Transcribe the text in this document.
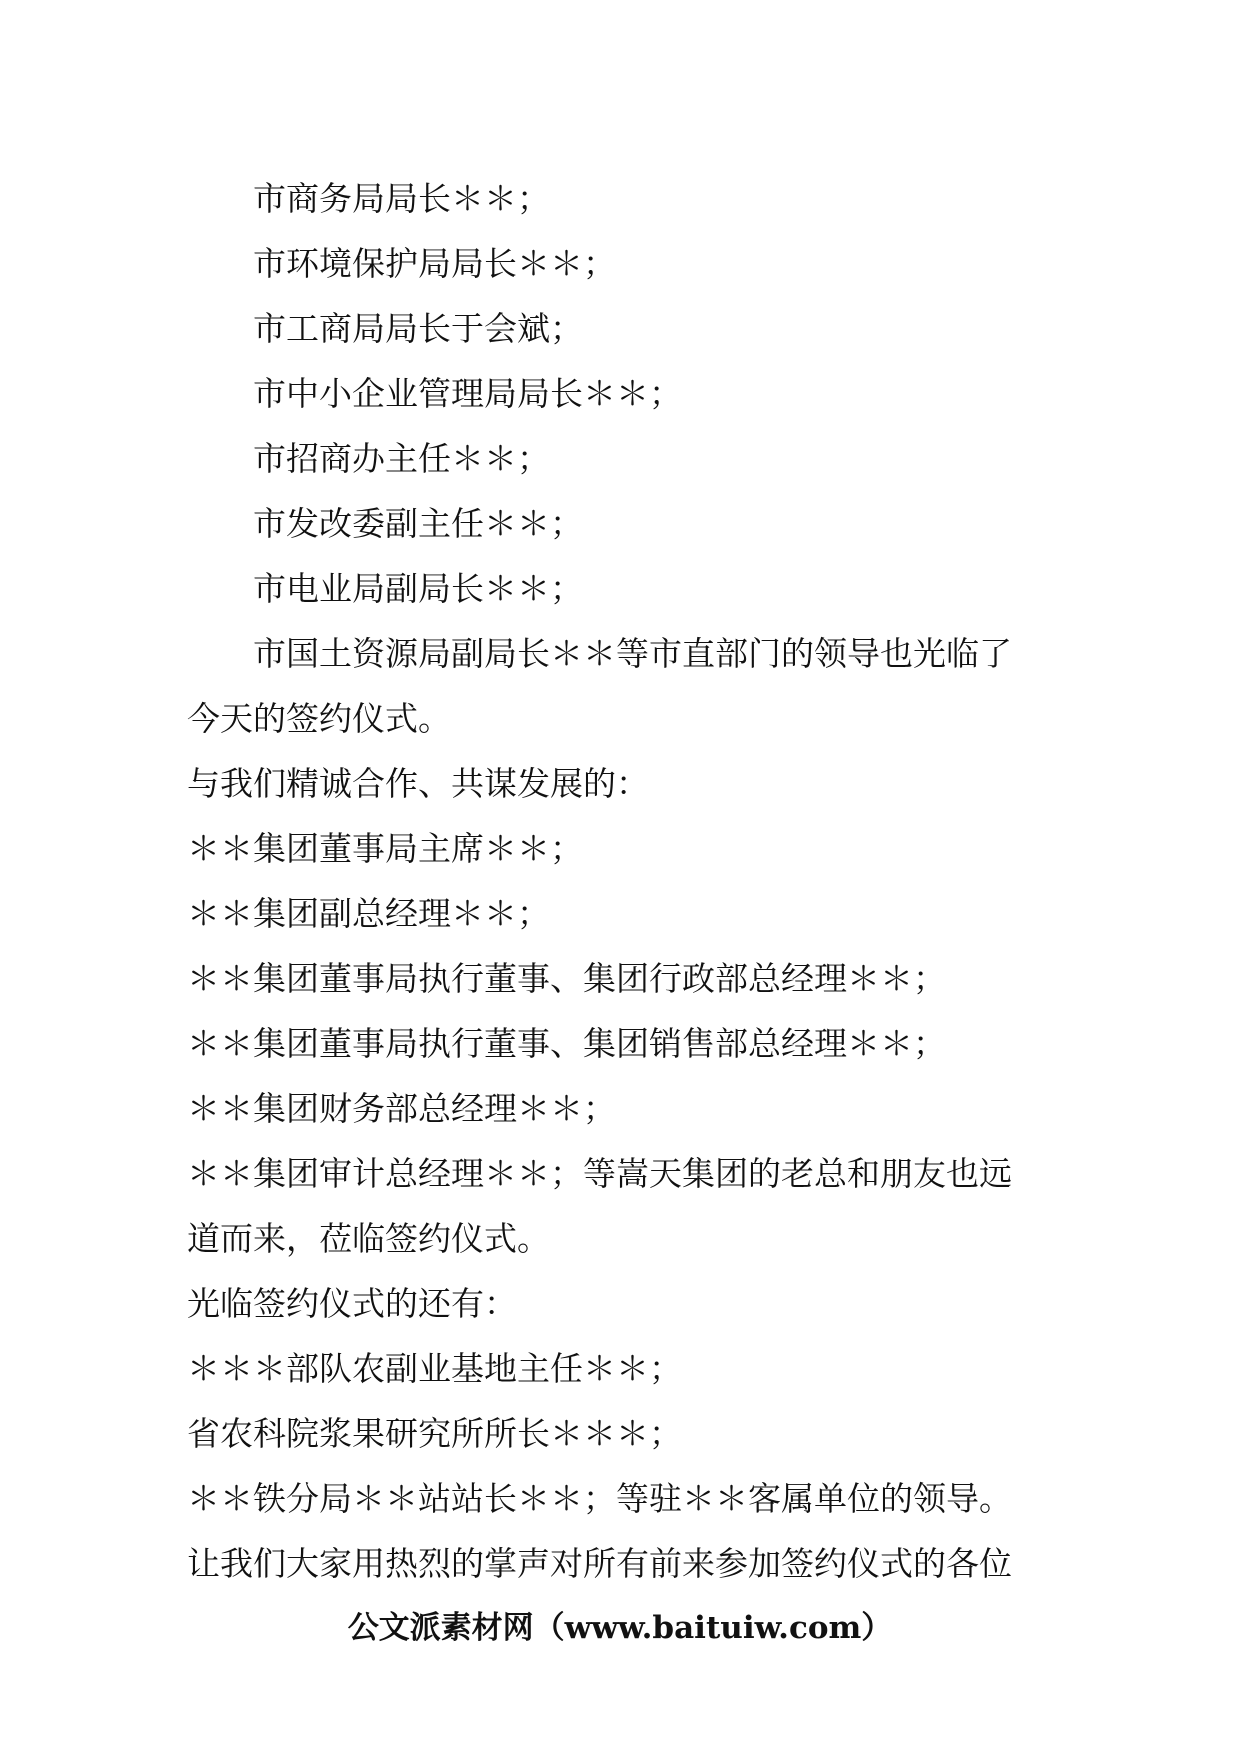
市商务局局长＊＊；
市环境保护局局长＊＊；
市工商局局长于会斌；
市中小企业管理局局长＊＊；
市招商办主任＊＊；
市发改委副主任＊＊；
市电业局副局长＊＊；
市国土资源局副局长＊＊等市直部门的领导也光临了
今天的签约仪式。
与我们精诚合作、共谋发展的：
＊＊集团董事局主席＊＊；
＊＊集团副总经理＊＊；
＊＊集团董事局执行董事、集团行政部总经理＊＊；
＊＊集团董事局执行董事、集团销售部总经理＊＊；
＊＊集团财务部总经理＊＊；
＊＊集团审计总经理＊＊；等嵩天集团的老总和朋友也远
道而来，莅临签约仪式。
光临签约仪式的还有：
＊＊＊部队农副业基地主任＊＊；
省农科院浆果研究所所长＊＊＊；
＊＊铁分局＊＊站站长＊＊；等驻＊＊客属单位的领导。
让我们大家用热烈的掌声对所有前来参加签约仪式的各位
公文派素材网（www.baituiw.com）
